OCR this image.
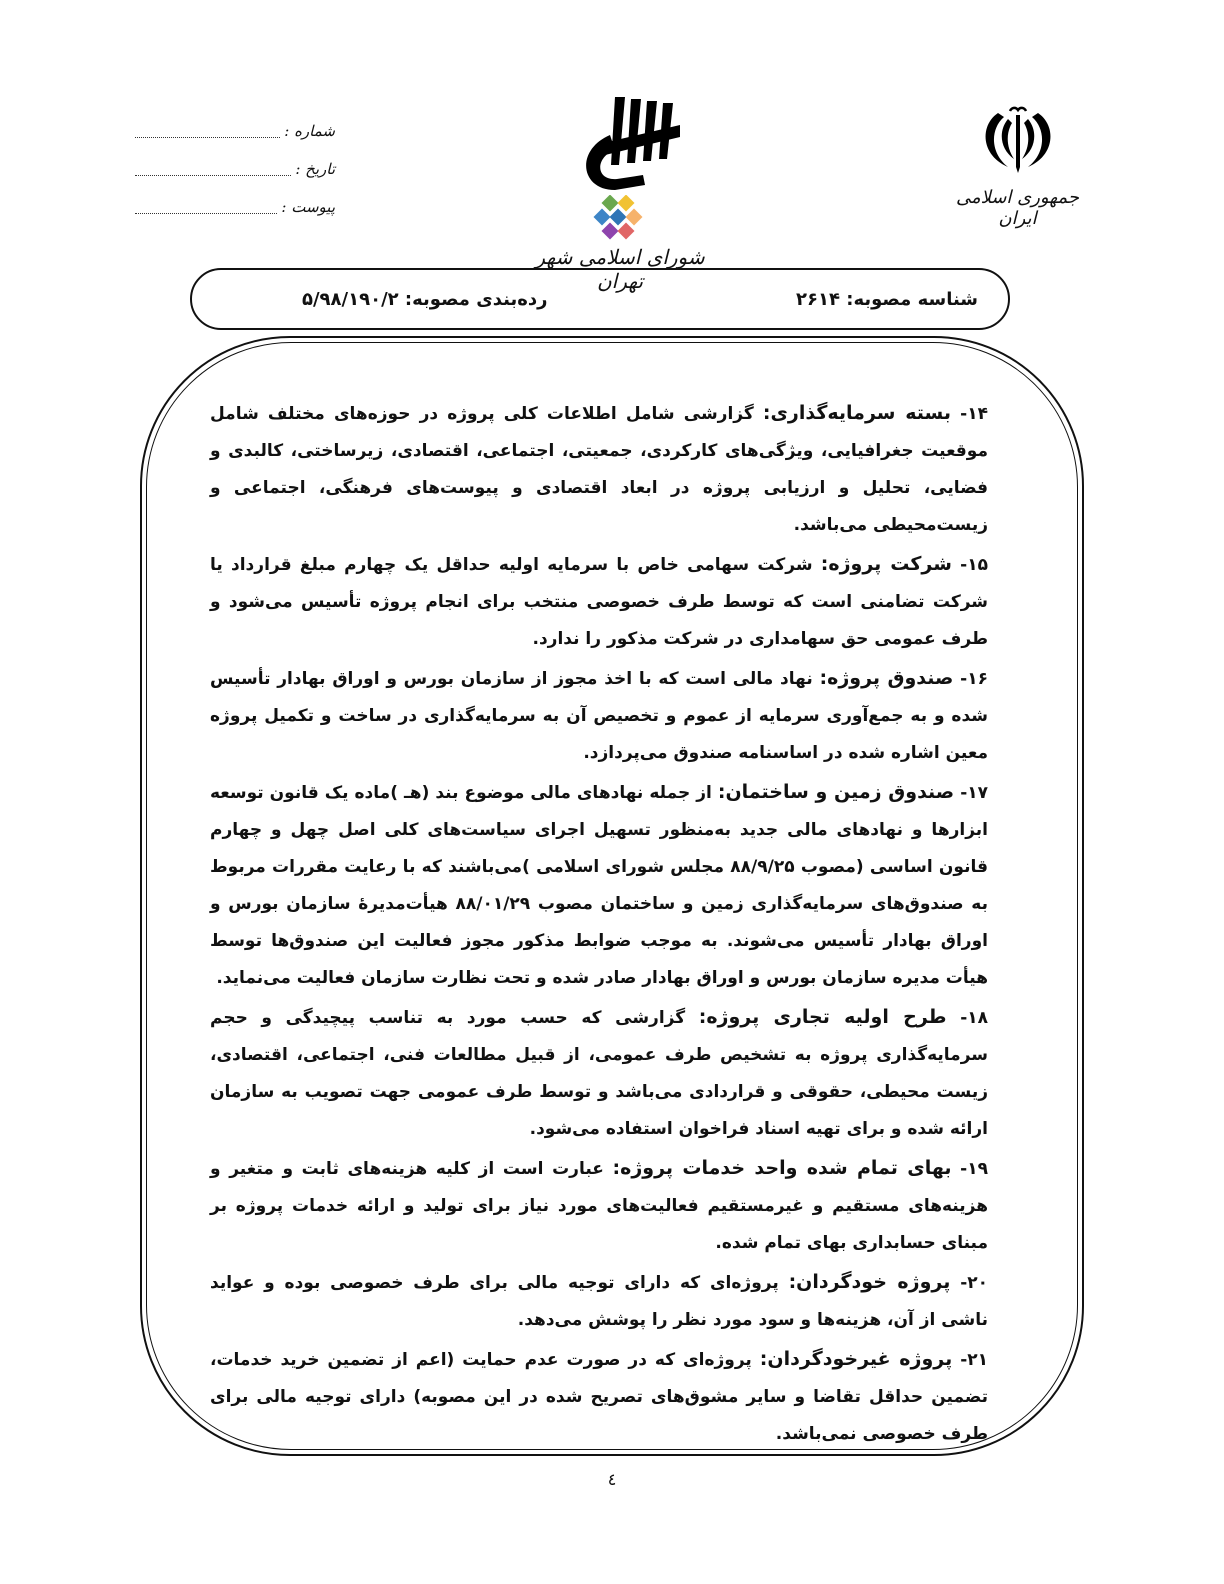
شماره :
تاریخ :
پیوست :
شورای اسلامی شهر تهران
جمهوری اسلامی ایران
شناسه مصوبه: ۲۶۱۴
رده‌بندی مصوبه: ۵/۹۸/۱۹۰/۲

۱۴- بسته سرمایه‌گذاری: گزارشی شامل اطلاعات کلی پروژه در حوزه‌های مختلف شامل موقعیت جغرافیایی، ویژگی‌های کارکردی، جمعیتی، اجتماعی، اقتصادی، زیرساختی، کالبدی و فضایی، تحلیل و ارزیابی پروژه در ابعاد اقتصادی و پیوست‌های فرهنگی، اجتماعی و زیست‌محیطی می‌باشد.

۱۵- شرکت پروژه: شرکت سهامی خاص با سرمایه اولیه حداقل یک چهارم مبلغ قرارداد یا شرکت تضامنی است که توسط طرف خصوصی منتخب برای انجام پروژه تأسیس می‌شود و طرف عمومی حق سهامداری در شرکت مذکور را ندارد.

۱۶- صندوق پروژه: نهاد مالی است که با اخذ مجوز از سازمان بورس و اوراق بهادار تأسیس شده و به جمع‌آوری سرمایه از عموم و تخصیص آن به سرمایه‌گذاری در ساخت و تکمیل پروژه معین اشاره شده در اساسنامه صندوق می‌پردازد.

۱۷- صندوق زمین و ساختمان: از جمله نهادهای مالی موضوع بند (هـ )ماده یک قانون توسعه ابزارها و نهادهای مالی جدید به‌منظور تسهیل اجرای سیاست‌های کلی اصل چهل و چهارم قانون اساسی (مصوب ۸۸/۹/۲۵ مجلس شورای اسلامی )می‌باشند که با رعایت مقررات مربوط به صندوق‌های سرمایه‌گذاری زمین و ساختمان مصوب ۸۸/۰۱/۲۹ هیأت‌مدیرهٔ سازمان بورس و اوراق بهادار تأسیس می‌شوند. به موجب ضوابط مذکور مجوز فعالیت این صندوق‌ها توسط هیأت مدیره سازمان بورس و اوراق بهادار صادر شده و تحت نظارت سازمان فعالیت می‌نماید.

۱۸- طرح اولیه تجاری پروژه: گزارشی که حسب مورد به تناسب پیچیدگی و حجم سرمایه‌گذاری پروژه به تشخیص طرف عمومی، از قبیل مطالعات فنی، اجتماعی، اقتصادی، زیست محیطی، حقوقی و قراردادی می‌باشد و توسط طرف عمومی جهت تصویب به سازمان ارائه شده و برای تهیه اسناد فراخوان استفاده می‌شود.

۱۹- بهای تمام شده واحد خدمات پروژه: عبارت است از کلیه هزینه‌های ثابت و متغیر و هزینه‌های مستقیم و غیرمستقیم فعالیت‌های مورد نیاز برای تولید و ارائه خدمات پروژه بر مبنای حسابداری بهای تمام شده.

۲۰- پروژه خودگردان: پروژه‌ای که دارای توجیه مالی برای طرف خصوصی بوده و عواید ناشی از آن، هزینه‌ها و سود مورد نظر را پوشش می‌دهد.

۲۱- پروژه غیرخودگردان: پروژه‌ای که در صورت عدم حمایت (اعم از تضمین خرید خدمات، تضمین حداقل تقاضا و سایر مشوق‌های تصریح شده در این مصوبه) دارای توجیه مالی برای طرف خصوصی نمی‌باشد.

٤
